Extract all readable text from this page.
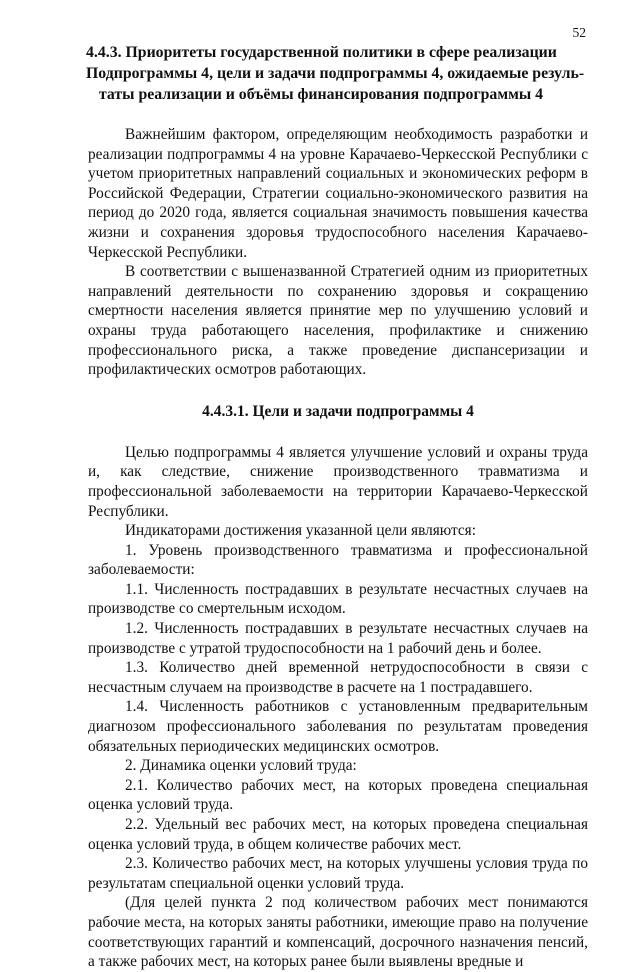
52
4.4.3. Приоритеты государственной политики в сфере реализации
Подпрограммы 4, цели и задачи подпрограммы 4, ожидаемые резуль-
таты реализации и объёмы финансирования подпрограммы 4

Важнейшим фактором, определяющим необходимость разработки и реализации подпрограммы 4 на уровне Карачаево-Черкесской Республики с учетом приоритетных направлений социальных и экономических реформ в Российской Федерации, Стратегии социально-экономического развития на период до 2020 года, является социальная значимость повышения качества жизни и сохранения здоровья трудоспособного населения Карачаево-Черкесской Республики.

В соответствии с вышеназванной Стратегией одним из приоритетных направлений деятельности по сохранению здоровья и сокращению смертности населения является принятие мер по улучшению условий и охраны труда работающего населения, профилактике и снижению профессионального риска, а также проведение диспансеризации и профилактических осмотров работающих.

4.4.3.1. Цели и задачи подпрограммы 4

Целью подпрограммы 4 является улучшение условий и охраны труда и, как следствие, снижение производственного травматизма и профессиональной заболеваемости на территории Карачаево-Черкесской Республики.

Индикаторами достижения указанной цели являются:

1. Уровень производственного травматизма и профессиональной заболеваемости:

1.1. Численность пострадавших в результате несчастных случаев на производстве со смертельным исходом.

1.2. Численность пострадавших в результате несчастных случаев на производстве с утратой трудоспособности на 1 рабочий день и более.

1.3. Количество дней временной нетрудоспособности в связи с несчастным случаем на производстве в расчете на 1 пострадавшего.

1.4. Численность работников с установленным предварительным диагнозом профессионального заболевания по результатам проведения обязательных периодических медицинских осмотров.

2. Динамика оценки условий труда:

2.1. Количество рабочих мест, на которых проведена специальная оценка условий труда.

2.2. Удельный вес рабочих мест, на которых проведена специальная оценка условий труда, в общем количестве рабочих мест.

2.3. Количество рабочих мест, на которых улучшены условия труда по результатам специальной оценки условий труда.

(Для целей пункта 2 под количеством рабочих мест понимаются рабочие места, на которых заняты работники, имеющие право на получение соответствующих гарантий и компенсаций, досрочного назначения пенсий, а также рабочих мест, на которых ранее были выявлены вредные и
